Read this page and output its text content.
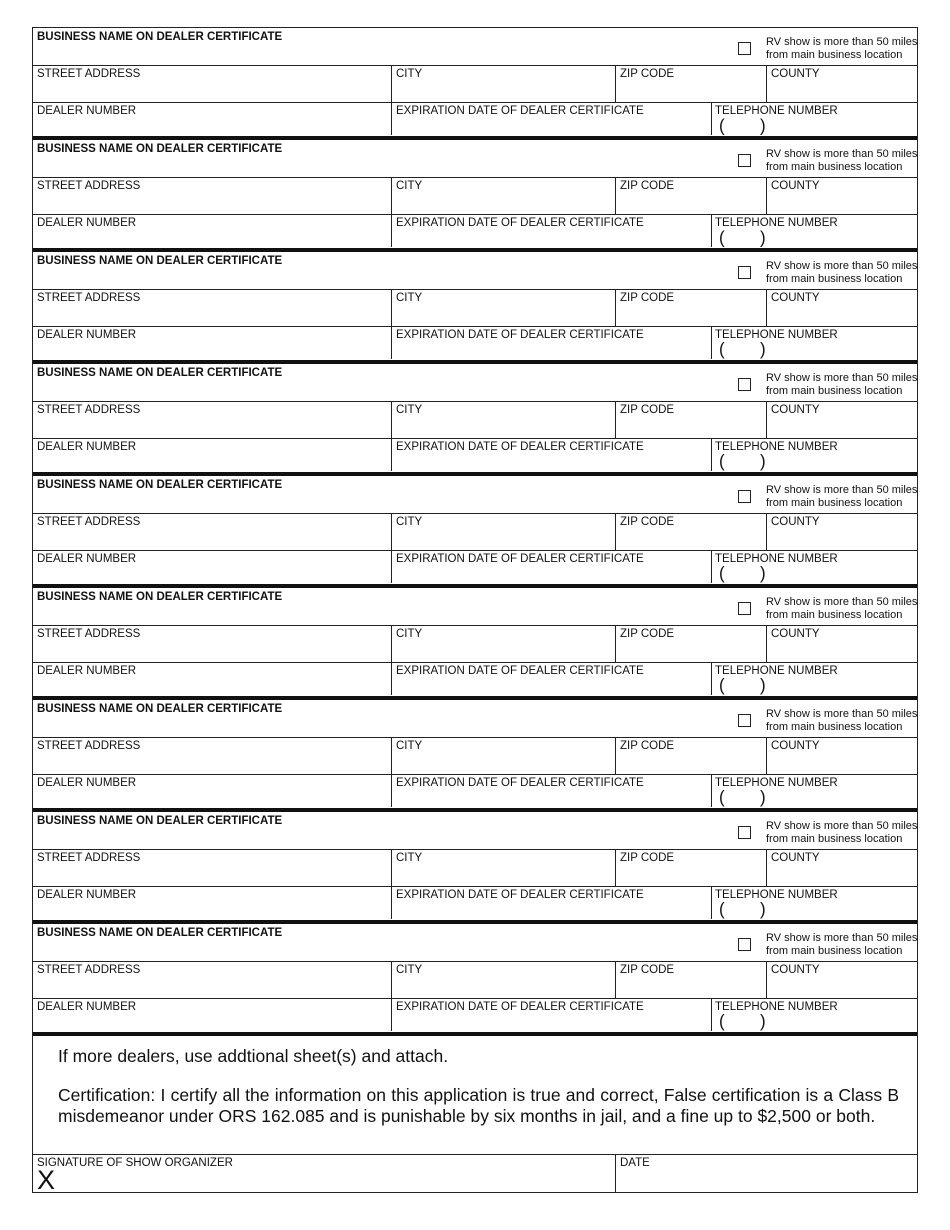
BUSINESS NAME ON DEALER CERTIFICATE	RV show is more than 50 miles
from main business location
STREET ADDRESS	CITY	ZIP CODE	COUNTY
DEALER NUMBER	EXPIRATION DATE OF DEALER CERTIFICATE	TELEPHONE NUMBER
( )
BUSINESS NAME ON DEALER CERTIFICATE	RV show is more than 50 miles
from main business location
STREET ADDRESS	CITY	ZIP CODE	COUNTY
DEALER NUMBER	EXPIRATION DATE OF DEALER CERTIFICATE	TELEPHONE NUMBER
( )
BUSINESS NAME ON DEALER CERTIFICATE	RV show is more than 50 miles
from main business location
STREET ADDRESS	CITY	ZIP CODE	COUNTY
DEALER NUMBER	EXPIRATION DATE OF DEALER CERTIFICATE	TELEPHONE NUMBER
( )
BUSINESS NAME ON DEALER CERTIFICATE	RV show is more than 50 miles
from main business location
STREET ADDRESS	CITY	ZIP CODE	COUNTY
DEALER NUMBER	EXPIRATION DATE OF DEALER CERTIFICATE	TELEPHONE NUMBER
( )
BUSINESS NAME ON DEALER CERTIFICATE	RV show is more than 50 miles
from main business location
STREET ADDRESS	CITY	ZIP CODE	COUNTY
DEALER NUMBER	EXPIRATION DATE OF DEALER CERTIFICATE	TELEPHONE NUMBER
( )
BUSINESS NAME ON DEALER CERTIFICATE	RV show is more than 50 miles
from main business location
STREET ADDRESS	CITY	ZIP CODE	COUNTY
DEALER NUMBER	EXPIRATION DATE OF DEALER CERTIFICATE	TELEPHONE NUMBER
( )
BUSINESS NAME ON DEALER CERTIFICATE	RV show is more than 50 miles
from main business location
STREET ADDRESS	CITY	ZIP CODE	COUNTY
DEALER NUMBER	EXPIRATION DATE OF DEALER CERTIFICATE	TELEPHONE NUMBER
( )
BUSINESS NAME ON DEALER CERTIFICATE	RV show is more than 50 miles
from main business location
STREET ADDRESS	CITY	ZIP CODE	COUNTY
DEALER NUMBER	EXPIRATION DATE OF DEALER CERTIFICATE	TELEPHONE NUMBER
( )
BUSINESS NAME ON DEALER CERTIFICATE	RV show is more than 50 miles
from main business location
STREET ADDRESS	CITY	ZIP CODE	COUNTY
DEALER NUMBER	EXPIRATION DATE OF DEALER CERTIFICATE	TELEPHONE NUMBER
( )
If more dealers, use addtional sheet(s) and attach.
Certification: I certify all the information on this application is true and correct, False certification is a Class B misdemeanor under ORS 162.085 and is punishable by six months in jail, and a fine up to $2,500 or both.
SIGNATURE OF SHOW ORGANIZER
X
DATE
